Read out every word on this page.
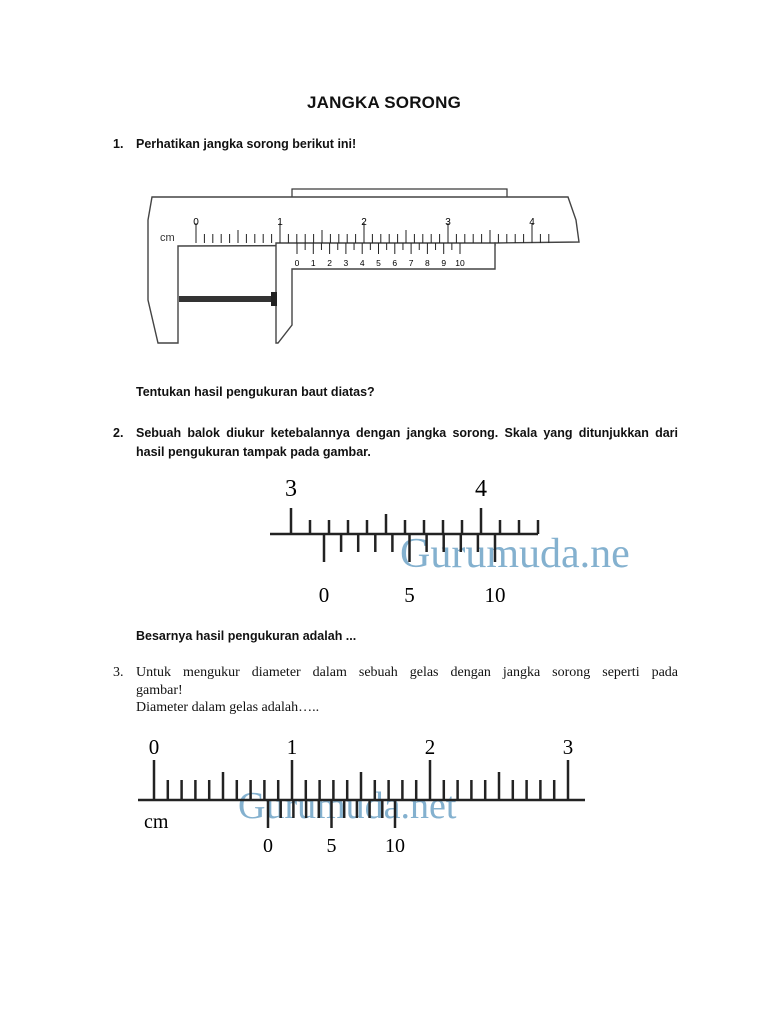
JANGKA SORONG
1. Perhatikan jangka sorong berikut ini!
cm
0	1	2	3	4
0 1 2 3 4 5 6 7 8 9 10
Tentukan hasil pengukuran baut diatas?
2. Sebuah balok diukur ketebalannya dengan jangka sorong. Skala yang ditunjukkan dari
hasil pengukuran tampak pada gambar.
Gurumuda.ne
3	4
0	5	10
Besarnya hasil pengukuran adalah ...
3. Untuk mengukur diameter dalam sebuah gelas dengan jangka sorong seperti pada
gambar!
Diameter dalam gelas adalah…..
Gurumuda.net
cm
0	1	2	3
0	5 10
